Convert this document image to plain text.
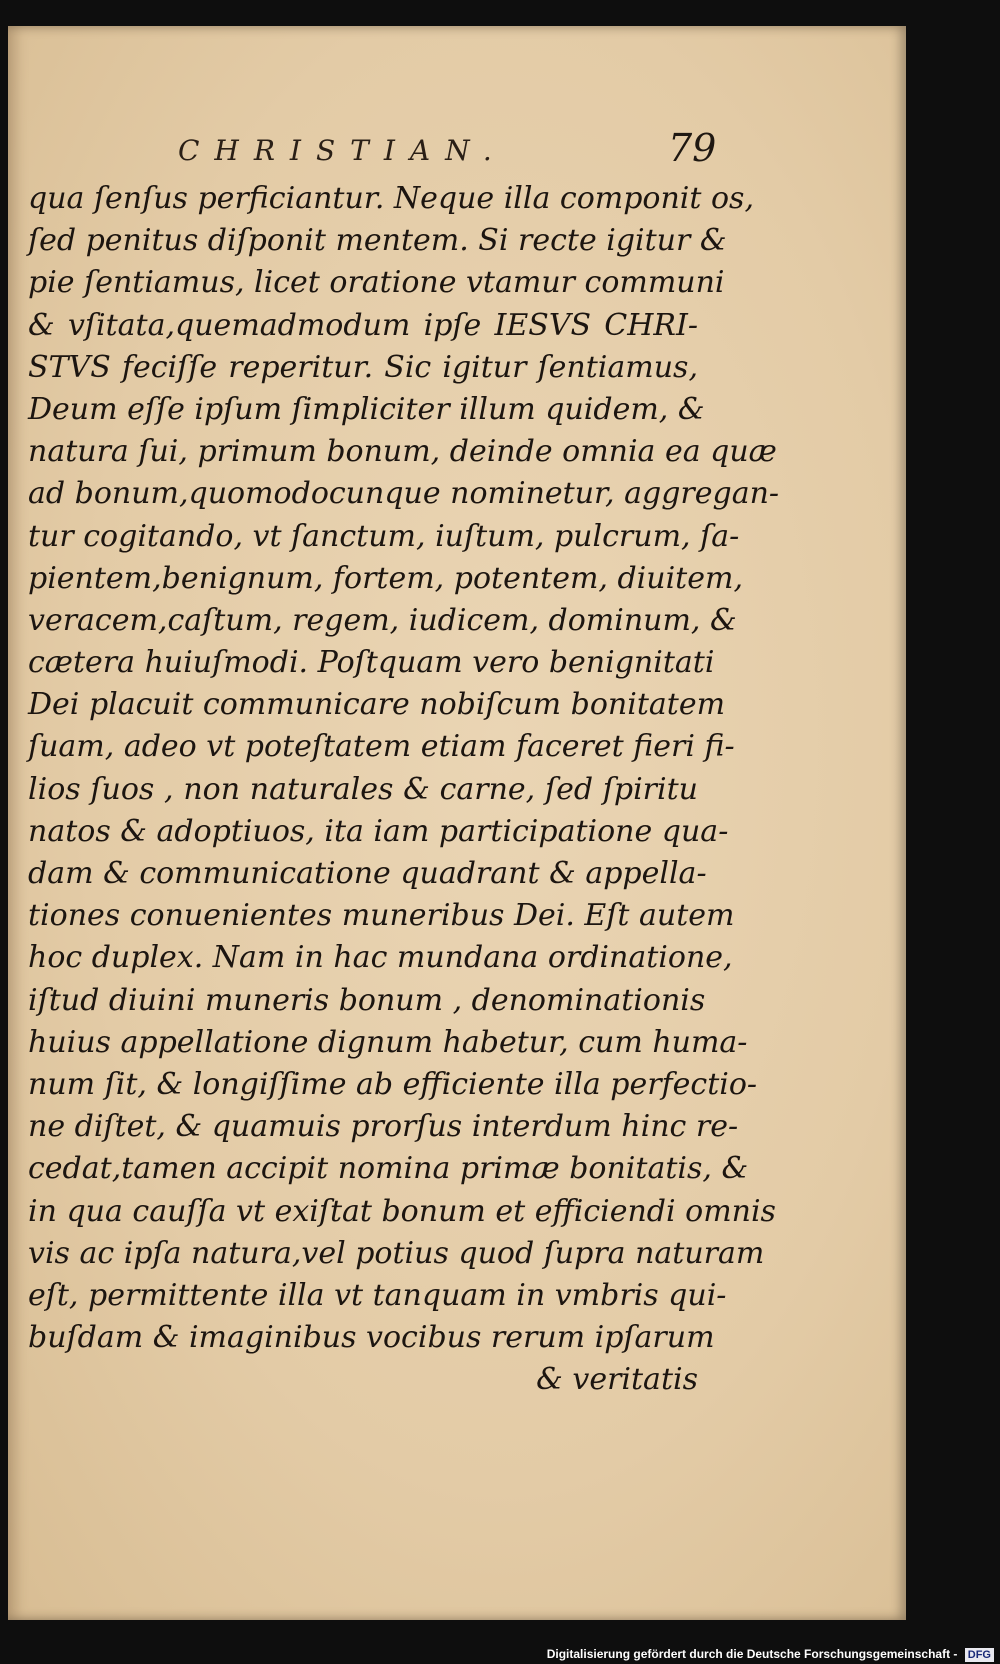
CHRISTIAN.	79
qua ſenſus perficiantur. Neque illa componit os,
ſed penitus diſponit mentem. Si recte igitur &
pie ſentiamus, licet oratione vtamur communi
& vſitata,quemadmodum ipſe IESVS CHRI-
STVS feciſſe reperitur. Sic igitur ſentiamus,
Deum eſſe ipſum ſimpliciter illum quidem, &
natura ſui, primum bonum, deinde omnia ea quæ
ad bonum,quomodocunque nominetur, aggregan-
tur cogitando, vt ſanctum, iuſtum, pulcrum, ſa-
pientem,benignum, fortem, potentem, diuitem,
veracem,caſtum, regem, iudicem, dominum, &
cætera huiuſmodi. Poſtquam vero benignitati
Dei placuit communicare nobiſcum bonitatem
ſuam, adeo vt poteſtatem etiam faceret fieri fi-
lios ſuos , non naturales & carne, ſed ſpiritu
natos & adoptiuos, ita iam participatione qua-
dam & communicatione quadrant & appella-
tiones conuenientes muneribus Dei. Eſt autem
hoc duplex. Nam in hac mundana ordinatione,
iſtud diuini muneris bonum , denominationis
huius appellatione dignum habetur, cum huma-
num ſit, & longiſſime ab efficiente illa perfectio-
ne diſtet, & quamuis prorſus interdum hinc re-
cedat,tamen accipit nomina primæ bonitatis, &
in qua cauſſa vt exiſtat bonum et efficiendi omnis
vis ac ipſa natura,vel potius quod ſupra naturam
eſt, permittente illa vt tanquam in vmbris qui-
buſdam & imaginibus vocibus rerum ipſarum
& veritatis
Digitalisierung gefördert durch die Deutsche Forschungsgemeinschaft - DFG
